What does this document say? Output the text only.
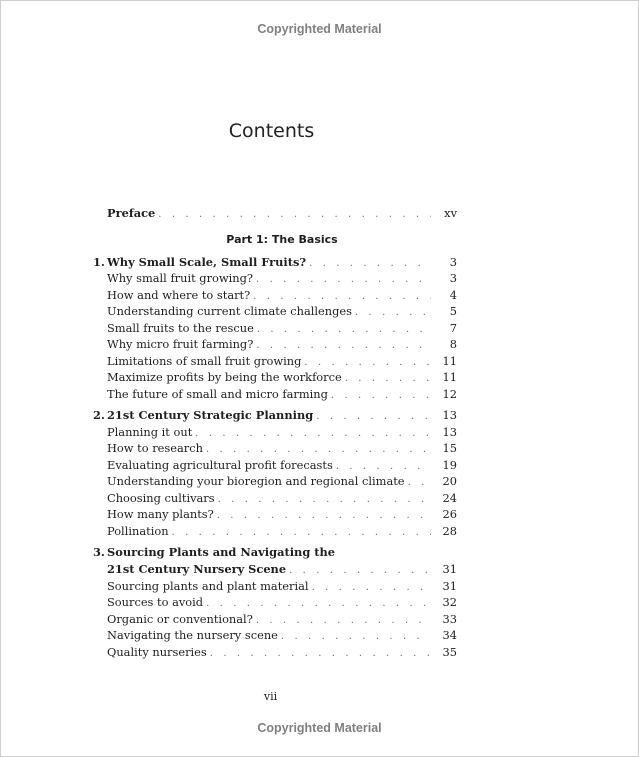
Copyrighted Material
Contents
Preface . . .	xv
Part 1: The Basics
1. Why Small Scale, Small Fruits? . . .	3
Why small fruit growing? . . .	3
How and where to start? . . .	4
Understanding current climate challenges . . .	5
Small fruits to the rescue . . .	7
Why micro fruit farming? . . .	8
Limitations of small fruit growing . . .	11
Maximize profits by being the workforce . . .	11
The future of small and micro farming . . .	12
2. 21st Century Strategic Planning . . .	13
Planning it out . . .	13
How to research . . .	15
Evaluating agricultural profit forecasts . . .	19
Understanding your bioregion and regional climate . . .	20
Choosing cultivars . . .	24
How many plants? . . .	26
Pollination . . .	28
3. Sourcing Plants and Navigating the
21st Century Nursery Scene . . .	31
Sourcing plants and plant material . . .	31
Sources to avoid . . .	32
Organic or conventional? . . .	33
Navigating the nursery scene . . .	34
Quality nurseries . . .	35
vii
Copyrighted Material
